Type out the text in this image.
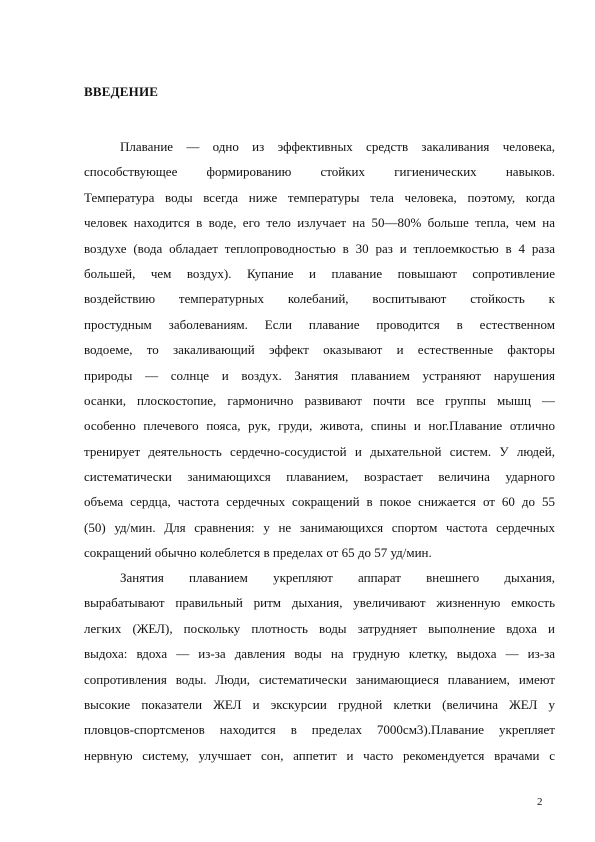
ВВЕДЕНИЕ
Плавание — одно из эффективных средств закаливания человека,
способствующее формированию стойких гигиенических навыков.
Температура воды всегда ниже температуры тела человека, поэтому, когда
человек находится в воде, его тело излучает на 50—80% больше тепла, чем на
воздухе (вода обладает теплопроводностью в 30 раз и теплоемкостью в 4 раза
большей, чем воздух). Купание и плавание повышают сопротивление
воздействию температурных колебаний, воспитывают стойкость к
простудным заболеваниям. Если плавание проводится в естественном
водоеме, то закаливающий эффект оказывают и естественные факторы
природы — солнце и воздух. Занятия плаванием устраняют нарушения
осанки, плоскостопие, гармонично развивают почти все группы мышц —
особенно плечевого пояса, рук, груди, живота, спины и ног.Плавание отлично
тренирует деятельность сердечно-сосудистой и дыхательной систем. У людей,
систематически занимающихся плаванием, возрастает величина ударного
объема сердца, частота сердечных сокращений в покое снижается от 60 до 55
(50) уд/мин. Для сравнения: у не занимающихся спортом частота сердечных
сокращений обычно колеблется в пределах от 65 до 57 уд/мин.
Занятия плаванием укрепляют аппарат внешнего дыхания,
вырабатывают правильный ритм дыхания, увеличивают жизненную емкость
легких (ЖЕЛ), поскольку плотность воды затрудняет выполнение вдоха и
выдоха: вдоха — из-за давления воды на грудную клетку, выдоха — из-за
сопротивления воды. Люди, систематически занимающиеся плаванием, имеют
высокие показатели ЖЕЛ и экскурсии грудной клетки (величина ЖЕЛ у
пловцов-спортсменов находится в пределах 7000см3).Плавание укрепляет
нервную систему, улучшает сон, аппетит и часто рекомендуется врачами с
2
